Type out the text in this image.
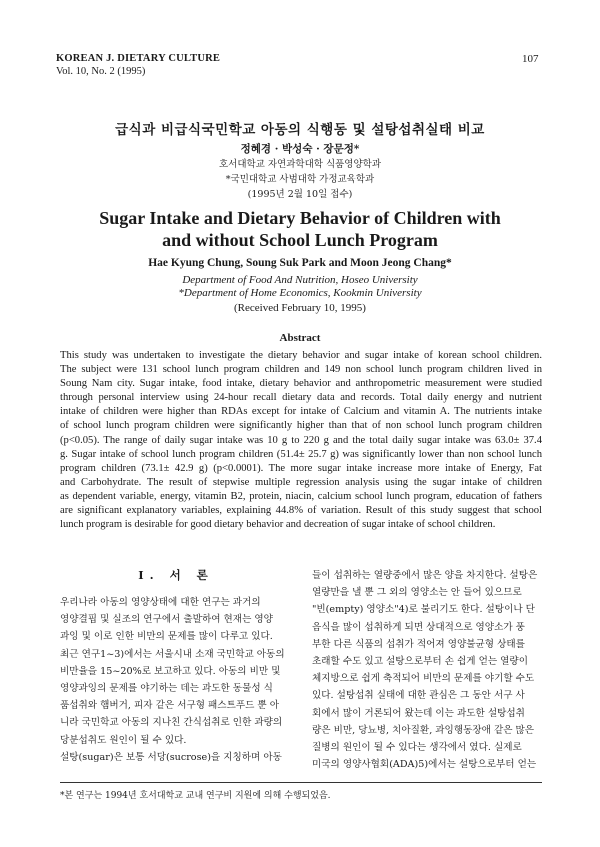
KOREAN J. DIETARY CULTURE
Vol. 10, No. 2 (1995)
107
급식과 비급식국민학교 아동의 식행동 및 설탕섭취실태 비교
정혜경 · 박성숙 · 장문정*
호서대학교 자연과학대학 식품영양학과
*국민대학교 사범대학 가정교육학과
(1995년 2월 10일 접수)
Sugar Intake and Dietary Behavior of Children with
and without School Lunch Program
Hae Kyung Chung, Soung Suk Park and Moon Jeong Chang*
Department of Food And Nutrition, Hoseo University
*Department of Home Economics, Kookmin University
(Received February 10, 1995)
Abstract
This study was undertaken to investigate the dietary behavior and sugar intake of korean school children.
The subject were 131 school lunch program children and 149 non school lunch program children lived in
Soung Nam city. Sugar intake, food intake, dietary behavior and anthropometric measurement were studied
through personal interview using 24-hour recall dietary data and records. Total daily energy and nutrient
intake of children were higher than RDAs except for intake of Calcium and vitamin A. The nutrients intake
of school lunch program children were significantly higher than that of non school lunch program children
(p<0.05). The range of daily sugar intake was 10 g to 220 g and the total daily sugar intake was 63.0± 37.4
g. Sugar intake of school lunch program children (51.4± 25.7 g) was significantly lower than non school lunch
program children (73.1± 42.9 g) (p<0.0001). The more sugar intake increase more intake of Energy, Fat
and Carbohydrate. The result of stepwise multiple regression analysis using the sugar intake of children
as dependent variable, energy, vitamin B2, protein, niacin, calcium school lunch program, education of fathers
are significant explanatory variables, explaining 44.8% of variation. Result of this study suggest that school
lunch program is desirable for good dietary behavior and decreation of sugar intake of school children.
I. 서 론
우리나라 아동의 영양상태에 대한 연구는 과거의
영양결핍 및 실조의 연구에서 출발하여 현재는 영양
과잉 및 이로 인한 비만의 문제를 많이 다루고 있다.
최근 연구1~3)에서는 서울시내 소재 국민학교 아동의
비만율을 15~20%로 보고하고 있다. 아동의 비만 및
영양과잉의 문제를 야기하는 데는 과도한 동물성 식
품섭취와 햄버거, 피자 같은 서구형 패스트푸드 뿐 아
니라 국민학교 아동의 지나친 간식섭취로 인한 과량의
당분섭취도 원인이 될 수 있다.
설탕(sugar)은 보통 서당(sucrose)을 지칭하며 아동
들이 섭취하는 열량중에서 많은 양을 차지한다. 설탕은
열량만을 낼 뿐 그 외의 영양소는 안 들어 있으므로
"빈(empty) 영양소"4)로 불리기도 한다. 설탕이나 단
음식을 많이 섭취하게 되면 상대적으로 영양소가 풍
부한 다른 식품의 섭취가 적어져 영양불균형 상태를
초래할 수도 있고 설탕으로부터 손 쉽게 얻는 열량이
체지방으로 쉽게 축적되어 비만의 문제를 야기할 수도
있다. 설탕섭취 실태에 대한 관심은 그 동안 서구 사
회에서 많이 거론되어 왔는데 이는 과도한 설탕섭취
량은 비만, 당뇨병, 치아질환, 과잉행동장애 같은 많은
질병의 원인이 될 수 있다는 생각에서 였다. 실제로
미국의 영양사협회(ADA)5)에서는 설탕으로부터 얻는
*본 연구는 1994년 호서대학교 교내 연구비 지원에 의해 수행되었음.
